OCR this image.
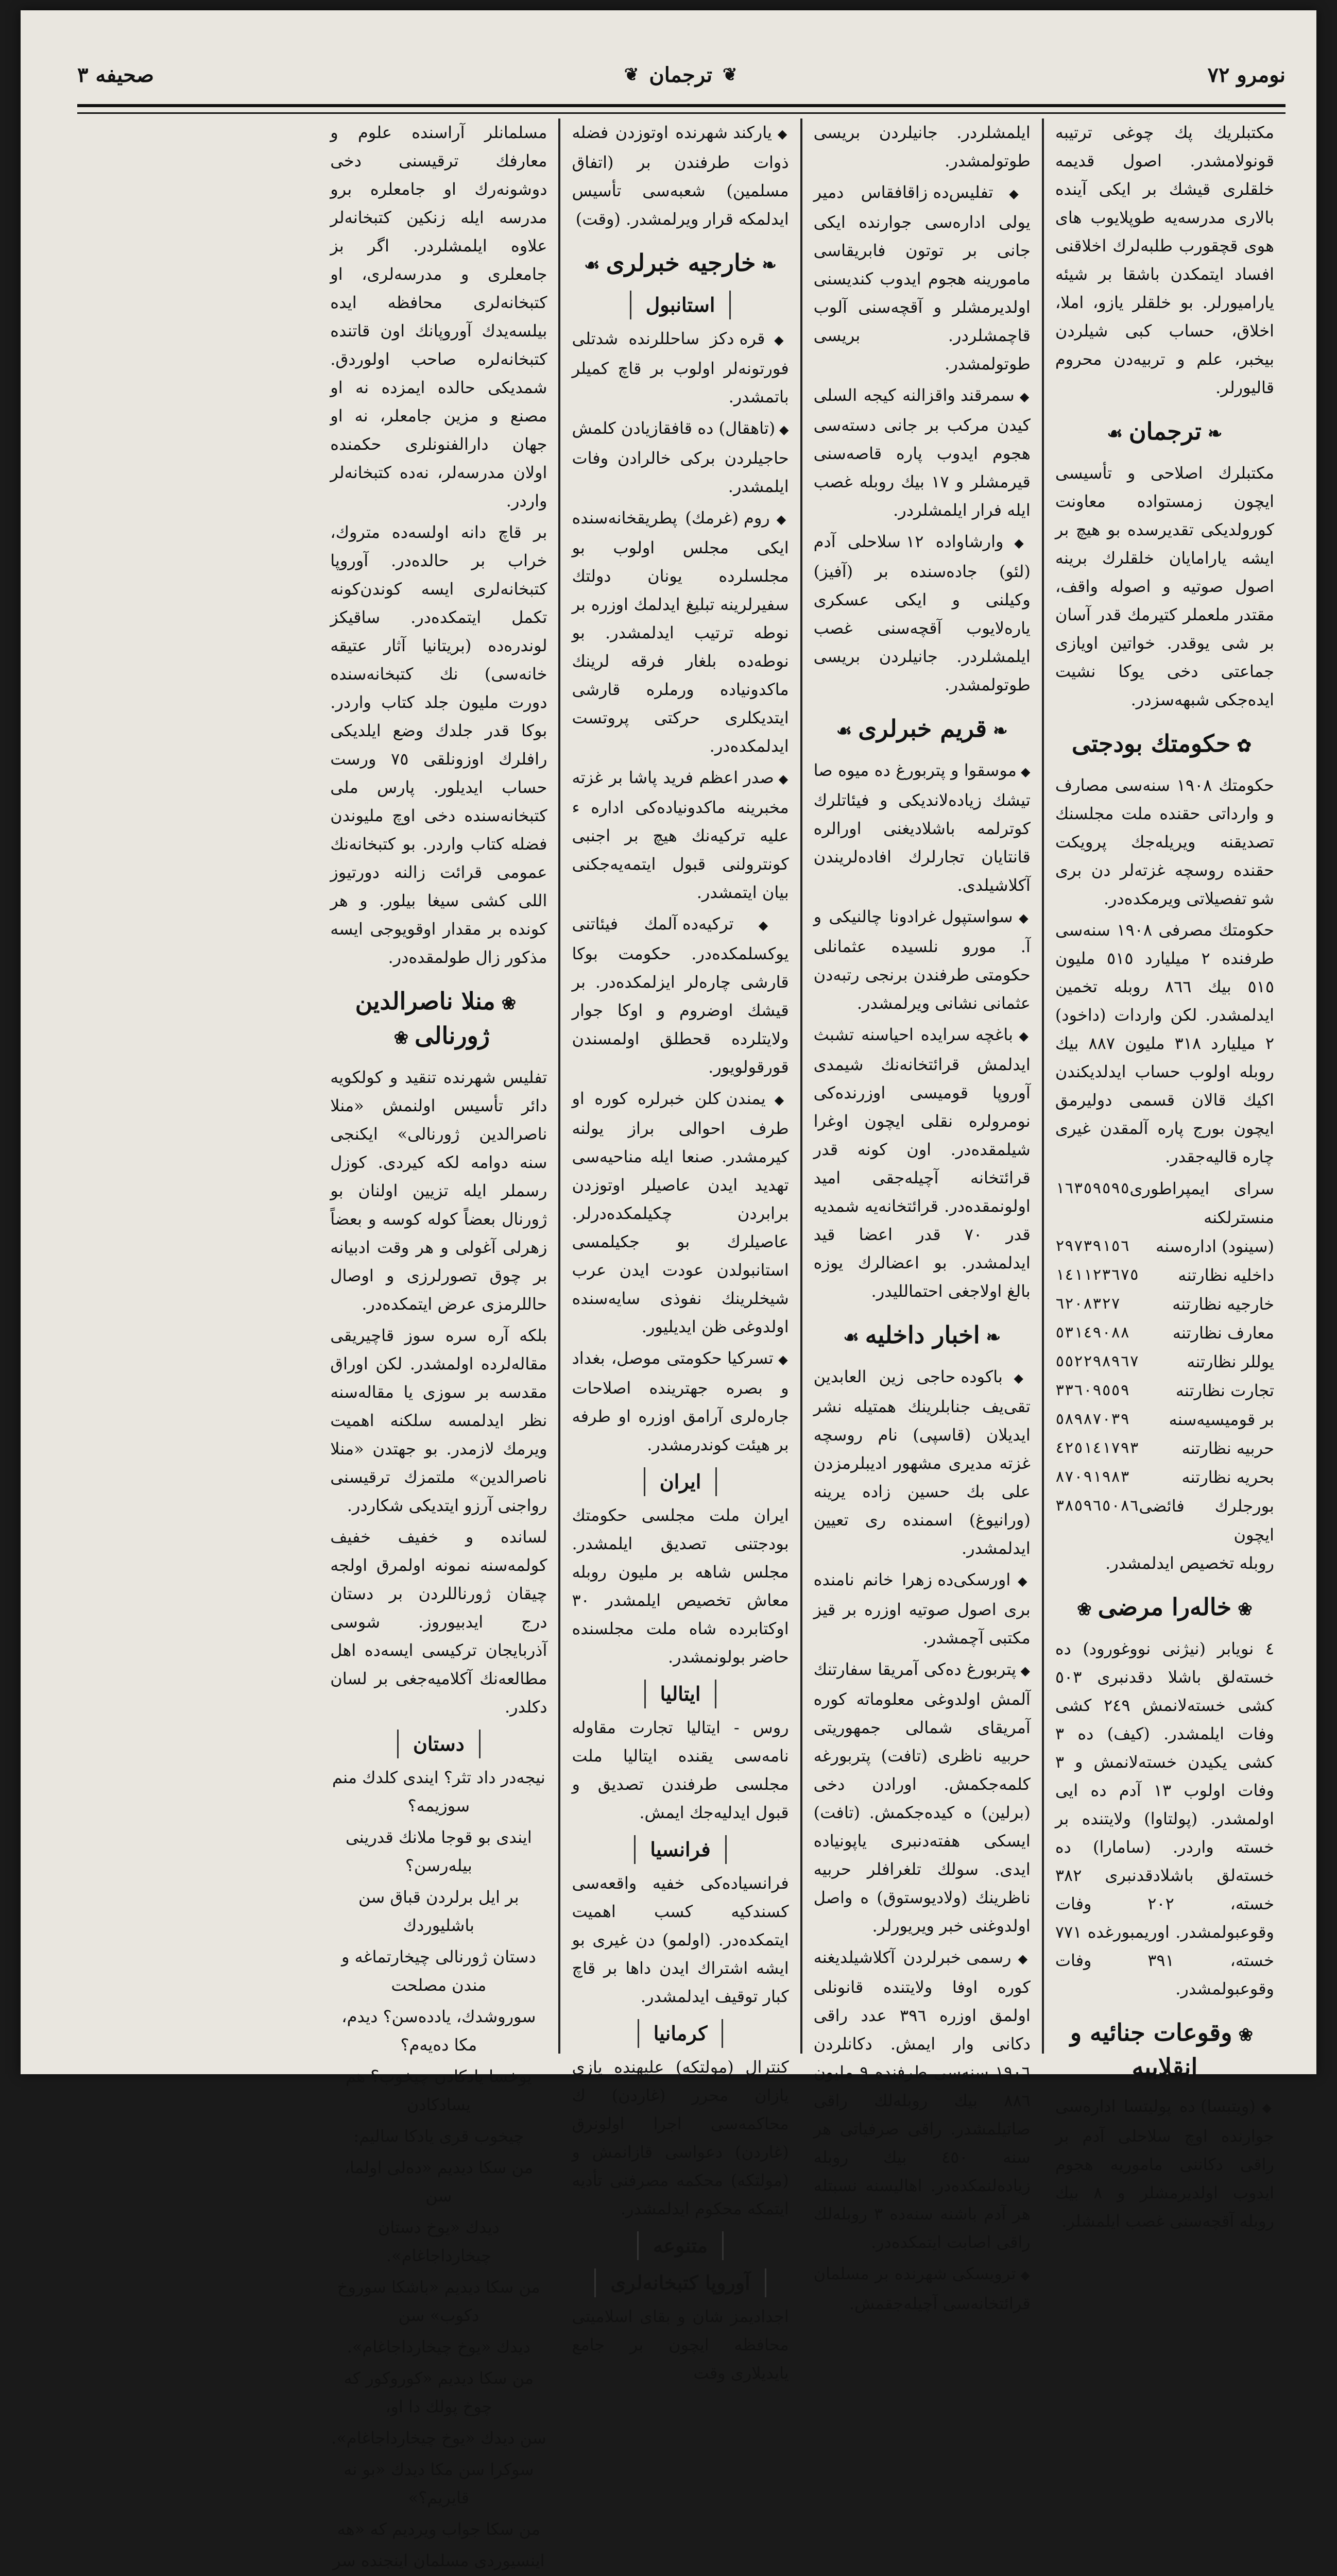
نومرو ٧٢
❦
ترجمان
❦
صحيفه ٣

مكتبلريك پك چوغى ترتيبه قونولامشدر. اصول قديمه خلقلرى قيشك بر ايكى آينده بالارى مدرسه‌يه طوپلايوب هاى هوى قچقورب طلبه‌لرك اخلاقنى افساد ايتمكدن باشقا بر شيئه ياراميورلر. بو خلقلر يازو، املا، اخلاق، حساب كبى شيلردن بيخبر، علم و تربيه‌دن محروم قاليورلر.

❧ترجمان☙

مكتبلرك اصلاحى و تأسيسى ايچون زمستواده معاونت كورولديكى تقديرسده بو هيچ بر ايشه يارامايان خلقلرك برينه اصول صوتيه و اصوله واقف، مقتدر ملعملر كتيرمك قدر آسان بر شى يوقدر. خواتين اويازى جماعتى دخى يوكا نشيت ايده‌جكى شبهه‌سزدر.

✿حكومتك بودجتى

حكومتك ١٩٠٨ سنه‌سى مصارف و وارداتى حقنده ملت مجلسنك تصديقنه ويريله‌جك پرويكت حقنده روسچه غزته‌لر دن برى شو تفصيلاتى ويرمكده‌در.

حكومتك مصرفى ١٩٠٨ سنه‌سى طرفنده ٢ ميليارد ٥١٥ مليون ٥١٥ بيك ٨٦٦ روبله تخمين ايدلمشدر. لكن واردات (داخود) ٢ ميليارد ٣١٨ مليون ٨٨٧ بيك روبله اولوب حساب ايدلديكندن اكيك قالان قسمى دوليرمق ايچون بورج پاره آلمقدن غيرى چاره قاليه‌جقدر.

سراى ايمپراطورى منسترلكنه
١٦٣٥٩٥٩٥
(سينود) اداره‌سنه
٢٩٧٣٩١٥٦
داخليه نظارتنه
١٤١١٢٣٦٧٥
خارجيه نظارتنه
٦٢٠٨٣٢٧
معارف نظارتنه
٥٣١٤٩٠٨٨
يوللر نظارتنه
٥٥٢٢٩٨٩٦٧
تجارت نظارتنه
٣٣٦٠٩٥٥٩
بر قوميسيه‌سنه
٥٨٩٨٧٠٣٩
حربيه نظارتنه
٤٢٥١٤١٧٩٣
بحريه نظارتنه
٨٧٠٩١٩٨٣
بورجلرك فائضى ايچون
٣٨٥٩٦٥٠٨٦

روبله تخصيص ايدلمشدر.

❀خالەرا مرضى❀

٤ نويابر (نيژنى نووغورود) ده خسته‌لق باشلا دقدنبرى ٥٠٣ كشى خسته‌لانمش ٢٤٩ كشى وفات ايلمشدر. (كيف) ده ٣ كشى يكيدن خسته‌لانمش و ٣ وفات اولوب ١٣ آدم ده ايى اولمشدر. (پولتاوا) ولايتنده بر خسته واردر. (سامارا) ده خسته‌لق باشلادقدنبرى ٣٨٢ خسته، ٢٠٢ وفات وقوعبولمشدر. اوريمبورغده ٧٧١ خسته، ٣٩١ وفات وقوعبولمشدر.

❀وقوعات جنائيه و انقلابيه

◆ (ويتبسا) ده پوليتسا اداره‌سى جوارنده اوچ سلاحلى آدم بر راقى دكاننى ماموريه هجوم ايدوب اولديرمشلر و ٨ بيك روبله آقچه‌سنى غصب ايلمشلر.

ايلمشلردر. جانيلردن بريسى طوتولمشدر.

◆ تفليس‌ده زاقافقاس دمير يولى اداره‌سى جوارنده ايكى جانى بر توتون فابريقاسى مامورينه هجوم ايدوب كنديسنى اولديرمشلر و آقچه‌سنى آلوب قاچمشلردر. بريسى طوتولمشدر.

◆ سمرقند واقزالنه كيجه السلى كيدن مركب بر جانى دسته‌سى هجوم ايدوب پاره قاصه‌سنى قيرمشلر و ١٧ بيك روبله غصب ايله فرار ايلمشلردر.

◆ وارشاواده ١٢ سلاحلى آدم (لئو) جاده‌سنده بر (آفيز) وكيلنى و ايكى عسكرى ياره‌لايوب آقچه‌سنى غصب ايلمشلردر. جانيلردن بريسى طوتولمشدر.

❧قريم خبرلرى☙

◆ موسقوا و پتربورغ ده ميوه صا تيشك زياده‌لانديكى و فيئاتلرك كوترلمه باشلاديغنى اورالره قانتايان تجارلرك افاده‌لريندن آكلاشيلدى.

◆ سواستپول غرادونا چالنيكى و آ. مورو نلسيده عثمانلى حكومتى طرفندن برنجى رتبه‌دن عثمانى نشانى ويرلمشدر.

◆ باغچه سرايده احياسنه تشبث ايدلمش قرائتخانه‌نك شيمدى آوروپا قوميسى اوزرنده‌كى نومرولره نقلى ايچون اوغرا شيلمقده‌در. اون كونه قدر قرائتخانه آچيله‌جقى اميد اولونمقده‌در. قرائتخانه‌يه شمديه قدر ٧٠ قدر اعضا قيد ايدلمشدر. بو اعضالرك يوزه بالغ اولاجغى احتمالليدر.

❧اخبار داخليه☙

◆ باكوده حاجى زين العابدين تقى‌يف جنابلرينك همتيله نشر ايديلان (قاسپى) نام روسچه غزته مديرى مشهور اديبلرمزدن على بك حسين زاده يرينه (ورانيوغ) اسمنده رى تعيين ايدلمشدر.

◆ اورسكى‌ده زهرا خانم نامنده برى اصول صوتيه اوزره بر قيز مكتبى آچمشدر.

◆ پتربورغ ده‌كى آمريقا سفارتنك آلمش اولدوغى معلوماته كوره آمريقاى شمالى جمهوريتى حربيه ناظرى (تافت) پتربورغه كلمه‌جكمش. اورادن دخى (برلين) ه كيده‌جكمش. (تافت) ايسكى هفته‌دنبرى ياپونياده ايدى. سولك تلغرافلر حربيه ناظرينك (ولاديوستوق) ه واصل اولدوغنى خبر ويريورلر.

◆ رسمى خبرلردن آكلاشيلديغنه كوره اوفا ولايتنده قانونلى اولمق اوزره ٣٩٦ عدد راقى دكانى وار ايمش. دكانلردن ١٩٠٦ سنه‌سى طرفنده ٩ مليون ٨٨٦ بيك روبله‌لك راقى صاتيلمشدر. راقى صرفياتى هر سنه ٤٥٠ بيك روبله زياده‌لنمكده‌در. اهاليسنه نسبتله هر آدم باشنه سنه‌ده ٣ روبله‌لك راقى اصابت ايتمكده‌در.

◆ ترويسكى شهرنده بر مسلمان قرائتخانه‌سى آچيله‌جقمش.

◆ ياركند شهرنده اوتوزدن فضله ذوات طرفندن بر (اتفاق مسلمين) شعبه‌سى تأسيس ايدلمكه قرار ويرلمشدر. (وقت)

❧خارجيه خبرلرى☙
استانبول

◆ قره دكز ساحللرنده شدتلى فورتونه‌لر اولوب بر قاچ كميلر باتمشدر.

◆ (تاهقال) ده قافقازيادن كلمش حاجيلردن بركى خالرادن وفات ايلمشدر.

◆ روم (غرمك) پطريقخانه‌سنده ايكى مجلس اولوب بو مجلسلرده يونان دولتك سفيرلرينه تبليغ ايدلمك اوزره بر نوطه ترتيب ايدلمشدر. بو نوطه‌ده بلغار فرقه لرينك ماكدونياده ورملره قارشى ايتديكلرى حركتى پروتست ايدلمكده‌در.

◆ صدر اعظم فريد پاشا بر غزته مخبرينه ماكدونياده‌كى اداره ء عليه تركيه‌نك هيچ بر اجنبى كونترولنى قبول ايتمه‌يه‌جكنى بيان ايتمشدر.

◆ تركيه‌ده آلمك فيئاتنى يوكسلمكده‌در. حكومت بوكا قارشى چاره‌لر ايزلمكده‌در. بر قيشك اوضروم و اوكا جوار ولايتلرده قحطلق اولمسندن قورقولويور.

◆ يمندن كلن خبرلره كوره او طرف احوالى براز يولنه كيرمشدر. صنعا ايله مناحيه‌سى تهديد ايدن عاصيلر اوتوزدن برابردن چكيلمكده‌درلر. عاصيلرك بو جكيلمسى استانبولدن عودت ايدن عرب شيخلرينك نفوذى سايه‌سنده اولدوغى ظن ايديليور.

◆ تسركيا حكومتى موصل، بغداد و بصره جهترينده اصلاحات جاره‌لرى آرامق اوزره او طرفه بر هيئت كوندرمشدر.

ايران

ايران ملت مجلسى حكومتك بودجتنى تصديق ايلمشدر. مجلس شاهه بر مليون روبله معاش تخصيص ايلمشدر ٣٠ اوكتابرده شاه ملت مجلسنده حاضر بولونمشدر.

ايتاليا

روس - ايتاليا تجارت مقاوله نامه‌سى يقنده ايتاليا ملت مجلسى طرفندن تصديق و قبول ايدليه‌جك ايمش.

فرانسيا

فرانسياده‌كى خفيه واقعه‌سى كسندكيه كسب اهميت ايتمكده‌در. (اولمو) دن غيرى بو ايشه اشتراك ايدن داها بر قاچ كبار توقيف ايدلمشدر.

كرمانيا

كنترال (مولتكه) عليهنده يازى يازان محرر (غاردن) ك محاكمه‌سى اجرا اولونرق (غاردن) دعواسى قازانمش و (مولتكه) محكمه مصرفنى تأديه ايتمكه محكوم ايدلمشدر.

متنوعه
آوروپا كتبخانه‌لرى

اجداديمز شان و بقاى اسلاميتى محافظه ايچون بر جامع يايديلارى وقت

مسلمانلر آراسنده علوم و معارفك ترقيسنى دخى دوشونەرك او جامعلره برو مدرسه ايله زنكين كتبخانەلر علاوه ايلمشلردر. اگر بز جامعلرى و مدرسه‌لرى، او كتبخانەلرى محافظه ايده بيلسەيدك آوروپانك اون قاتنده كتبخانەلره صاحب اولوردق. شمديكى حالده ايمزده نه او مصنع و مزين جامعلر، نه او جهان دارالفنونلرى حكمنده اولان مدرسەلر، نه‌ده كتبخانەلر واردر.

بر قاچ دانه اولسه‌ده متروك، خراب بر حالده‌در. آوروپا كتبخانەلرى ايسه كوندن‌كونه تكمل ايتمكده‌در. ساقيكز لوندره‌ده (بريتانيا آثار عتيقه خانه‌سى) نك كتبخانه‌سنده دورت مليون جلد كتاب واردر. بوكا قدر جلدك وضع ايلديكى رافلرك اوزونلقى ٧٥ ورست حساب ايديلور. پارس ملى كتبخانه‌سنده دخى اوچ مليوندن فضله كتاب واردر. بو كتبخانه‌نك عمومى قرائت زالنه دورتيوز اللى كشى سيغا بيلور. و هر كونده بر مقدار اوقويوجى ايسه مذكور زال طولمقده‌در.

❀منلا ناصرالدين ژورنالى❀

تفليس شهرنده تنقيد و كولكويه دائر تأسيس اولنمش «منلا ناصرالدين ژورنالى» ايكنجى سنه دوامه‌ لكه كيردى. كوزل رسملر ايله تزيين اولنان بو ژورنال بعضاً كوله كوسه و بعضاً زهرلى آغولى و هر وقت ادبيانه بر چوق تصورلرزى و اوصال حاللرمزى عرض ايتمكده‌در.

بلكه آره‌ سره سوز قاچيريقى مقالەلرده اولمشدر. لكن اوراق مقدسه بر سوزى يا مقاله‌سنه نظر ايدلمسه سلكنه اهميت ويرمك لازمدر. بو جهتدن «منلا ناصرالدين» ملتمزك ترقيسنى رواجنى آرزو ايتديكى شكاردر.

لسانده و خفيف خفيف كولمه‌سنه نمونه اولمرق اولجه چيقان ژورناللردن بر دستان درج ايدبيوروز. شوسى آذربايجان تركيسى ايسه‌ده اهل مطالعه‌نك آكلاميه‌جغى بر لسان دكلدر.

دستان

نيجەدر داد تثر؟ ايندى كلدك منم سوزيمه؟

ايندى بو قوجا ملانك قدرينى بيلەرسن؟

بر ايل برلردن قباق سن باشليوردك

دستان ژورنالى چيخارتماغه و مندن مصلحت

سوروشدك، ياددەسن؟ ديدم، مكا دەيەم؟

يوخسا يادكادن چيخوب؟ هم يسادكادن

چيخوب قرى يادكا ساليم:

من سكا ديديم «دەلى اولما، سن

ديدك «يوخ دستان چيخارداجاغام».

من سكا ديديم «باشكا سوروخ دكوب» سن

ديدك «يوخ چيخارداجاغام».

من سكا ديديم «كوروكور كه چوخ پولك دا او،

سن ديدك «يوخ چيخارداجاغام».

سوكرا سن مكا ديدك «بو نه قايريم؟»

من سكا جواب ويرديم كه «هه

اينسيوردى مسلمان اينجنده سر
